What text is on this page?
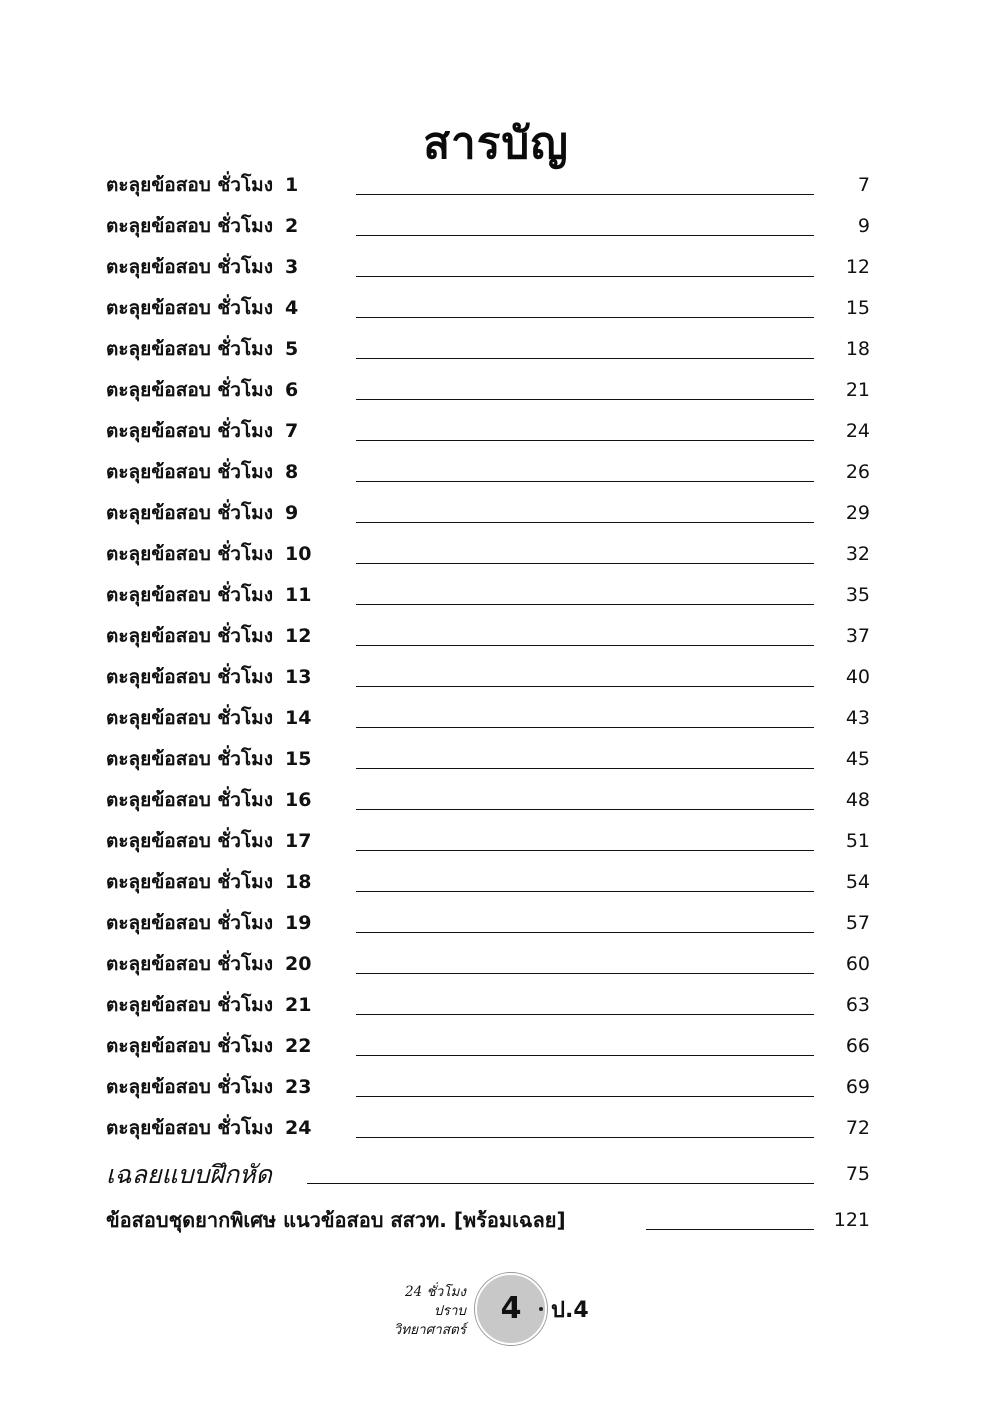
สารบัญ
ตะลุยข้อสอบ ชั่วโมง 1	7
ตะลุยข้อสอบ ชั่วโมง 2	9
ตะลุยข้อสอบ ชั่วโมง 3	12
ตะลุยข้อสอบ ชั่วโมง 4	15
ตะลุยข้อสอบ ชั่วโมง 5	18
ตะลุยข้อสอบ ชั่วโมง 6	21
ตะลุยข้อสอบ ชั่วโมง 7	24
ตะลุยข้อสอบ ชั่วโมง 8	26
ตะลุยข้อสอบ ชั่วโมง 9	29
ตะลุยข้อสอบ ชั่วโมง 10	32
ตะลุยข้อสอบ ชั่วโมง 11	35
ตะลุยข้อสอบ ชั่วโมง 12	37
ตะลุยข้อสอบ ชั่วโมง 13	40
ตะลุยข้อสอบ ชั่วโมง 14	43
ตะลุยข้อสอบ ชั่วโมง 15	45
ตะลุยข้อสอบ ชั่วโมง 16	48
ตะลุยข้อสอบ ชั่วโมง 17	51
ตะลุยข้อสอบ ชั่วโมง 18	54
ตะลุยข้อสอบ ชั่วโมง 19	57
ตะลุยข้อสอบ ชั่วโมง 20	60
ตะลุยข้อสอบ ชั่วโมง 21	63
ตะลุยข้อสอบ ชั่วโมง 22	66
ตะลุยข้อสอบ ชั่วโมง 23	69
ตะลุยข้อสอบ ชั่วโมง 24	72
เฉลยแบบฝึกหัด	75
ข้อสอบชุดยากพิเศษ แนวข้อสอบ สสวท. [พร้อมเฉลย]	121
24 ชั่วโมง
ปราบ
วิทยาศาสตร์
4	ป.4
